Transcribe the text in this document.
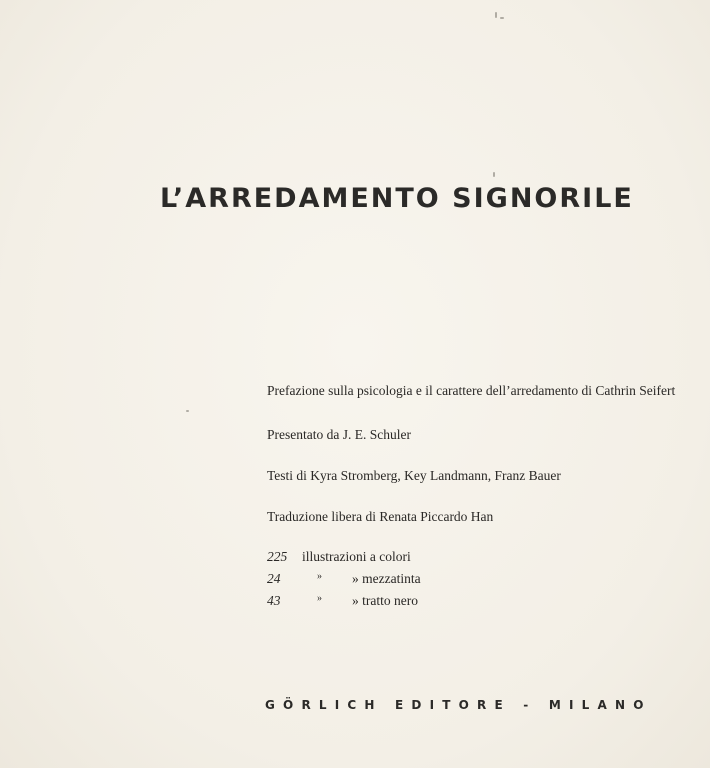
L’ARREDAMENTO SIGNORILE

Prefazione sulla psicologia e il carattere dell’arredamento di Cathrin Seifert

Presentato da J. E. Schuler

Testi di Kyra Stromberg, Key Landmann, Franz Bauer

Traduzione libera di Renata Piccardo Han

225 illustrazioni a colori
24	» » mezzatinta
43	» » tratto nero

GÖRLICH EDITORE - MILANO
